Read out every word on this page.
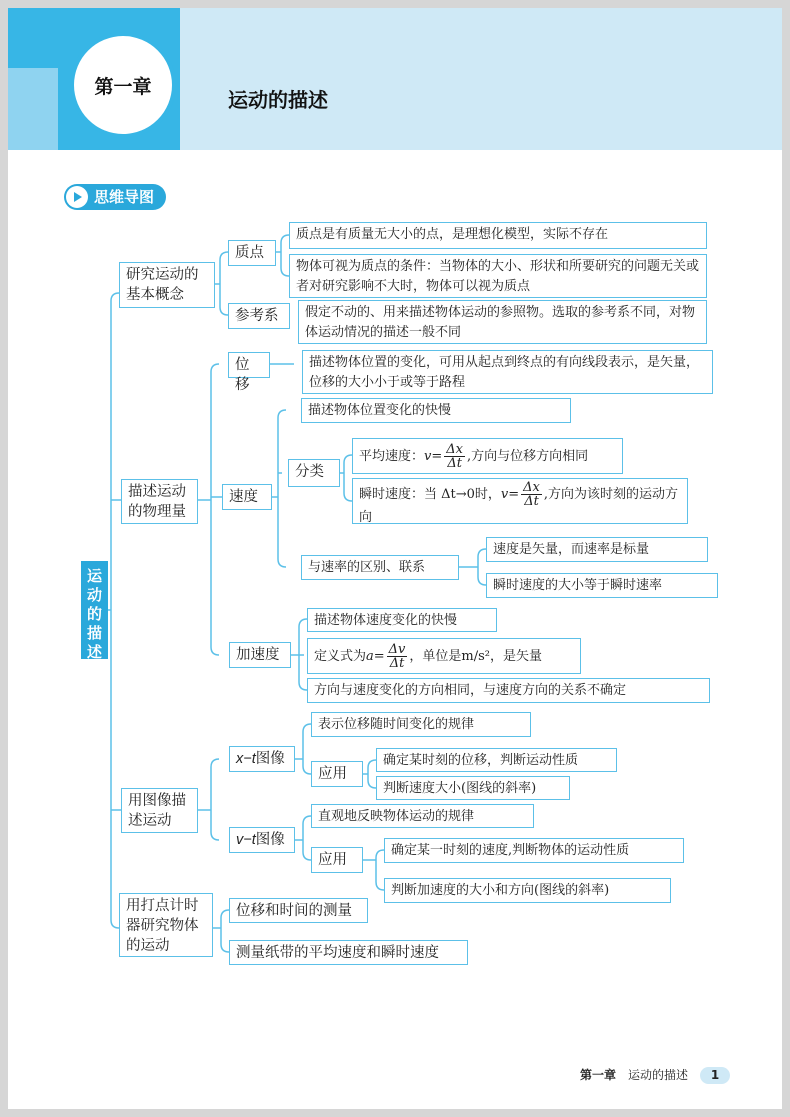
第一章
运动的描述
思维导图
运动的描述
研究运动的基本概念
质点
质点是有质量无大小的点，是理想化模型，实际不存在
物体可视为质点的条件：当物体的大小、形状和所要研究的问题无关或者对研究影响不大时，物体可以视为质点
参考系	假定不动的、用来描述物体运动的参照物。选取的参考系不同，对物体运动情况的描述一般不同
描述运动的物理量
位移
描述物体位置的变化，可用从起点到终点的有向线段表示，是矢量，位移的大小小于或等于路程
速度
描述物体位置变化的快慢
分类
平均速度：$v= \frac{\Delta x}{\Delta t}$ ,方向与位移方向相同
瞬时速度：当 Δt→0时，$v= \frac{\Delta x}{\Delta t}$ ,方向为该时刻的运动方向
与速率的区别、联系
速度是矢量，而速率是标量
瞬时速度的大小等于瞬时速率
加速度
描述物体速度变化的快慢
定义式为$a= \frac{\Delta v}{\Delta t}$ ，单位是m/s²，是矢量
方向与速度变化的方向相同，与速度方向的关系不确定
用图像描述运动
x−t图像
表示位移随时间变化的规律
应用
确定某时刻的位移，判断运动性质
判断速度大小(图线的斜率)
v−t图像
直观地反映物体运动的规律
应用
确定某一时刻的速度,判断物体的运动性质
判断加速度的大小和方向(图线的斜率)
用打点计时器研究物体的运动
位移和时间的测量
测量纸带的平均速度和瞬时速度
第一章 运动的描述 1
